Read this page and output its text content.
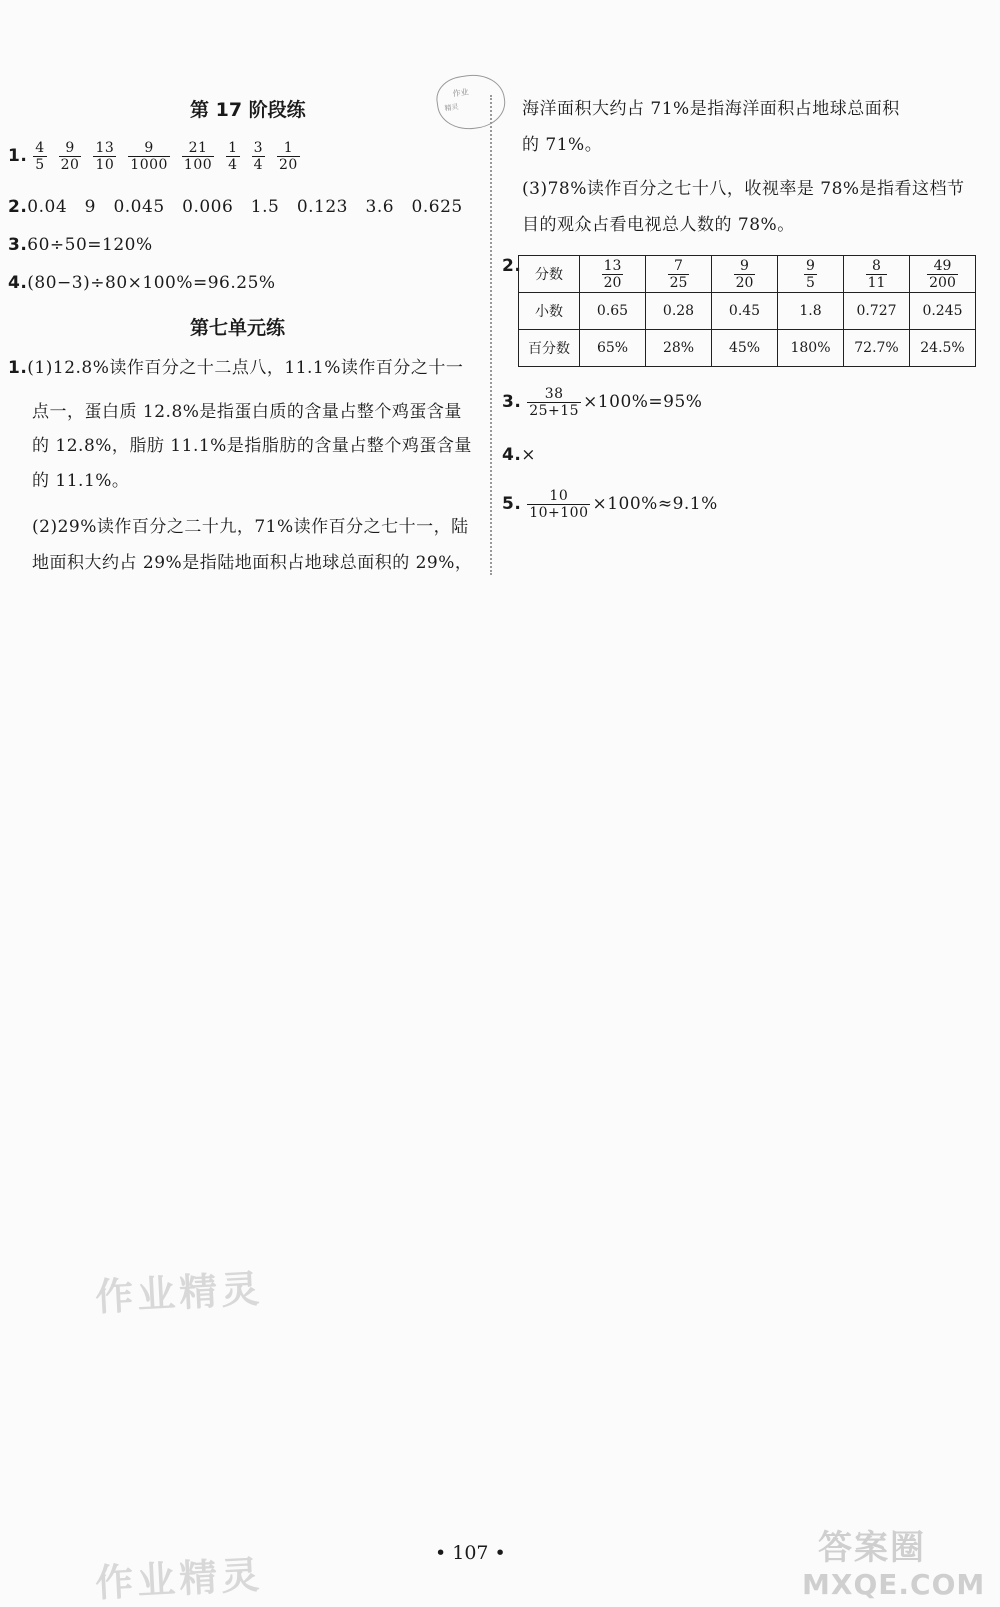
第 17 阶段练
1. $\frac{4}{5} \frac{9}{20} \frac{13}{10} \frac{9}{1000} \frac{21}{100} \frac{1}{4} \frac{3}{4} \frac{1}{20}$
2.0.04　9　0.045　0.006　1.5　0.123　3.6　0.625
3.60÷50=120%
4.(80−3)÷80×100%=96.25%
第七单元练
1.(1)12.8%读作百分之十二点八，11.1%读作百分之十一
点一，蛋白质 12.8%是指蛋白质的含量占整个鸡蛋含量
的 12.8%，脂肪 11.1%是指脂肪的含量占整个鸡蛋含量
的 11.1%。
(2)29%读作百分之二十九，71%读作百分之七十一，陆
地面积大约占 29%是指陆地面积占地球总面积的 29%，
作业
精灵	海洋面积大约占 71%是指海洋面积占地球总面积
的 71%。
(3)78%读作百分之七十八，收视率是 78%是指看这档节
目的观众占看电视总人数的 78%。
2. 分数	$\frac{13}{20}$	$\frac{7}{25}$	$\frac{9}{20}$	$\frac{9}{5}$	$\frac{8}{11}$	$\frac{49}{200}$

小数	0.65	0.28	0.45	1.8	0.727	0.245
百分数	65%	28%	45%	180%	72.7%	24.5%
3. $\frac{38}{25+15} \times 100\%=95\%$
4.×
5. $\frac{10}{10+100} \times 100\%\approx 9.1\%$
作业精灵
作业精灵	• 107 •	答案圈
MXQE.COM
